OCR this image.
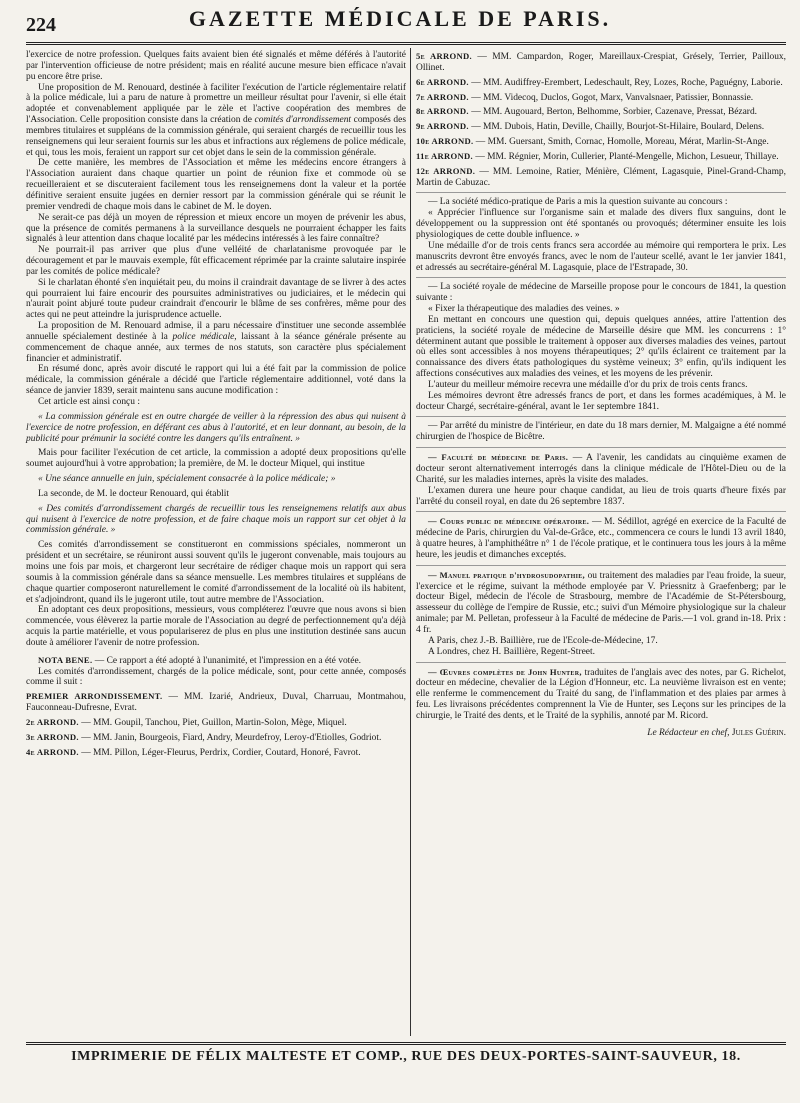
224	GAZETTE MÉDICALE DE PARIS.

l'exercice de notre profession. Quelques faits avaient bien été signalés et même déférés à l'autorité par l'intervention officieuse de notre président; mais en réalité aucune mesure bien efficace n'avait pu encore être prise.

Une proposition de M. Renouard, destinée à faciliter l'exécution de l'article réglementaire relatif à la police médicale, lui a paru de nature à promettre un meilleur résultat pour l'avenir, si elle était adoptée et convenablement appliquée par le zèle et l'active coopération des membres de l'Association. Celle proposition consiste dans la création de comités d'arrondissement composés des membres titulaires et suppléans de la commission générale, qui seraient chargés de recueillir tous les renseignemens qui leur seraient fournis sur les abus et infractions aux réglemens de police médicale, et qui, tous les mois, feraient un rapport sur cet objet dans le sein de la commission générale.

De cette manière, les membres de l'Association et même les médecins encore étrangers à l'Association auraient dans chaque quartier un point de réunion fixe et commode où se recueilleraient et se discuteraient facilement tous les renseignemens dont la valeur et la portée définitive seraient ensuite jugées en dernier ressort par la commission générale qui se réunit le premier vendredi de chaque mois dans le cabinet de M. le doyen.

Ne serait-ce pas déjà un moyen de répression et mieux encore un moyen de prévenir les abus, que la présence de comités permanens à la surveillance desquels ne pourraient échapper les faits signalés à leur attention dans chaque localité par les médecins intéressés à les faire connaître?

Ne pourrait-il pas arriver que plus d'une velléité de charlatanisme provoquée par le découragement et par le mauvais exemple, fût efficacement réprimée par la crainte salutaire inspirée par les comités de police médicale?

Si le charlatan éhonté s'en inquiétait peu, du moins il craindrait davantage de se livrer à des actes qui pourraient lui faire encourir des poursuites administratives ou judiciaires, et le médecin qui n'aurait point abjuré toute pudeur craindrait d'encourir le blâme de ses confrères, même pour des actes qui ne peut atteindre la jurisprudence actuelle.

La proposition de M. Renouard admise, il a paru nécessaire d'instituer une seconde assemblée annuelle spécialement destinée à la police médicale, laissant à la séance générale présente au commencement de chaque année, aux termes de nos statuts, son caractère plus spécialement financier et administratif.

En résumé donc, après avoir discuté le rapport qui lui a été fait par la commission de police médicale, la commission générale a décidé que l'article réglementaire additionnel, voté dans la séance de janvier 1839, serait maintenu sans aucune modification :

Cet article est ainsi conçu :

« La commission générale est en outre chargée de veiller à la répression des abus qui nuisent à l'exercice de notre profession, en déférant ces abus à l'autorité, et en leur donnant, au besoin, de la publicité pour prémunir la société contre les dangers qu'ils entraînent. »

Mais pour faciliter l'exécution de cet article, la commission a adopté deux propositions qu'elle soumet aujourd'hui à votre approbation; la première, de M. le docteur Miquel, qui institue

« Une séance annuelle en juin, spécialement consacrée à la police médicale; »

La seconde, de M. le docteur Renouard, qui établit

« Des comités d'arrondissement chargés de recueillir tous les renseignemens relatifs aux abus qui nuisent à l'exercice de notre profession, et de faire chaque mois un rapport sur cet objet à la commission générale. »

Ces comités d'arrondissement se constitueront en commissions spéciales, nommeront un président et un secrétaire, se réuniront aussi souvent qu'ils le jugeront convenable, mais toujours au moins une fois par mois, et chargeront leur secrétaire de rédiger chaque mois un rapport qui sera soumis à la commission générale dans sa séance mensuelle. Les membres titulaires et suppléans de chaque quartier composeront naturellement le comité d'arrondissement de la localité où ils habitent, et s'adjoindront, quand ils le jugeront utile, tout autre membre de l'Association.

En adoptant ces deux propositions, messieurs, vous compléterez l'œuvre que nous avons si bien commencée, vous élèverez la partie morale de l'Association au degré de perfectionnement qu'a déjà acquis la partie matérielle, et vous populariserez de plus en plus une institution destinée sans aucun doute à améliorer l'avenir de notre profession.

NOTA BENE. — Ce rapport a été adopté à l'unanimité, et l'impression en a été votée.

Les comités d'arrondissement, chargés de la police médicale, sont, pour cette année, composés comme il suit :

PREMIER ARRONDISSEMENT. — MM. Izarié, Andrieux, Duval, Charruau, Montmahou, Fauconneau-Dufresne, Evrat.

2e ARROND. — MM. Goupil, Tanchou, Piet, Guillon, Martin-Solon, Mège, Miquel.

3e ARROND. — MM. Janin, Bourgeois, Fiard, Andry, Meurdefroy, Leroy-d'Etiolles, Godriot.

4e ARROND. — MM. Pillon, Léger-Fleurus, Perdrix, Cordier, Coutard, Honoré, Favrot.

5e ARROND. — MM. Campardon, Roger, Mareillaux-Crespiat, Grésely, Terrier, Pailloux, Ollinet.

6e ARROND. — MM. Audiffrey-Erembert, Ledeschault, Rey, Lozes, Roche, Paguégny, Laborie.

7e ARROND. — MM. Videcoq, Duclos, Gogot, Marx, Vanvalsnaer, Patissier, Bonnassie.

8e ARROND. — MM. Augouard, Berton, Belhomme, Sorbier, Cazenave, Pressat, Bézard.

9e ARROND. — MM. Dubois, Hatin, Deville, Chailly, Bourjot-St-Hilaire, Boulard, Delens.

10e ARROND. — MM. Guersant, Smith, Cornac, Homolle, Moreau, Mérat, Marlin-St-Ange.

11e ARROND. — MM. Régnier, Morin, Cullerier, Planté-Mengelle, Michon, Lesueur, Thillaye.

12e ARROND. — MM. Lemoine, Ratier, Ménière, Clément, Lagasquie, Pinel-Grand-Champ, Martin de Cabuzac.

— La société médico-pratique de Paris a mis la question suivante au concours :

« Apprécier l'influence sur l'organisme sain et malade des divers flux sanguins, dont le développement ou la suppression ont été spontanés ou provoqués; déterminer ensuite les lois physiologiques de cette double influence. »

Une médaille d'or de trois cents francs sera accordée au mémoire qui remportera le prix. Les manuscrits devront être envoyés francs, avec le nom de l'auteur scellé, avant le 1er janvier 1841, et adressés au secrétaire-général M. Lagasquie, place de l'Estrapade, 30.

— La société royale de médecine de Marseille propose pour le concours de 1841, la question suivante :

« Fixer la thérapeutique des maladies des veines. »

En mettant en concours une question qui, depuis quelques années, attire l'attention des praticiens, la société royale de médecine de Marseille désire que MM. les concurrens : 1° déterminent autant que possible le traitement à opposer aux diverses maladies des veines, partout où elles sont accessibles à nos moyens thérapeutiques; 2° qu'ils éclairent ce traitement par la connaissance des divers états pathologiques du système veineux; 3° enfin, qu'ils indiquent les affections consécutives aux maladies des veines, et les moyens de les prévenir.

L'auteur du meilleur mémoire recevra une médaille d'or du prix de trois cents francs.

Les mémoires devront être adressés francs de port, et dans les formes académiques, à M. le docteur Chargé, secrétaire-général, avant le 1er septembre 1841.

— Par arrêté du ministre de l'intérieur, en date du 18 mars dernier, M. Malgaigne a été nommé chirurgien de l'hospice de Bicêtre.

— Faculté de médecine de Paris. — A l'avenir, les candidats au cinquième examen de docteur seront alternativement interrogés dans la clinique médicale de l'Hôtel-Dieu ou de la Charité, sur les maladies internes, après la visite des malades.

L'examen durera une heure pour chaque candidat, au lieu de trois quarts d'heure fixés par l'arrêté du conseil royal, en date du 26 septembre 1837.

— Cours public de médecine opératoire. — M. Sédillot, agrégé en exercice de la Faculté de médecine de Paris, chirurgien du Val-de-Grâce, etc., commencera ce cours le lundi 13 avril 1840, à quatre heures, à l'amphithéâtre n° 1 de l'école pratique, et le continuera tous les jours à la même heure, les jeudis et dimanches exceptés.

— Manuel pratique d'hydrosudopathie, ou traitement des maladies par l'eau froide, la sueur, l'exercice et le régime, suivant la méthode employée par V. Priessnitz à Graefenberg; par le docteur Bigel, médecin de l'école de Strasbourg, membre de l'Académie de St-Pétersbourg, assesseur du collège de l'empire de Russie, etc.; suivi d'un Mémoire physiologique sur la chaleur animale; par M. Pelletan, professeur à la Faculté de médecine de Paris.—1 vol. grand in-18. Prix : 4 fr.

A Paris, chez J.-B. Baillière, rue de l'Ecole-de-Médecine, 17.

A Londres, chez H. Baillière, Regent-Street.

— Œuvres complètes de John Hunter, traduites de l'anglais avec des notes, par G. Richelot, docteur en médecine, chevalier de la Légion d'Honneur, etc. La neuvième livraison est en vente; elle renferme le commencement du Traité du sang, de l'inflammation et des plaies par armes à feu. Les livraisons précédentes comprennent la Vie de Hunter, ses Leçons sur les principes de la chirurgie, le Traité des dents, et le Traité de la syphilis, annoté par M. Ricord.

Le Rédacteur en chef, Jules Guérin.

IMPRIMERIE DE FÉLIX MALTESTE ET COMP., RUE DES DEUX-PORTES-SAINT-SAUVEUR, 18.
